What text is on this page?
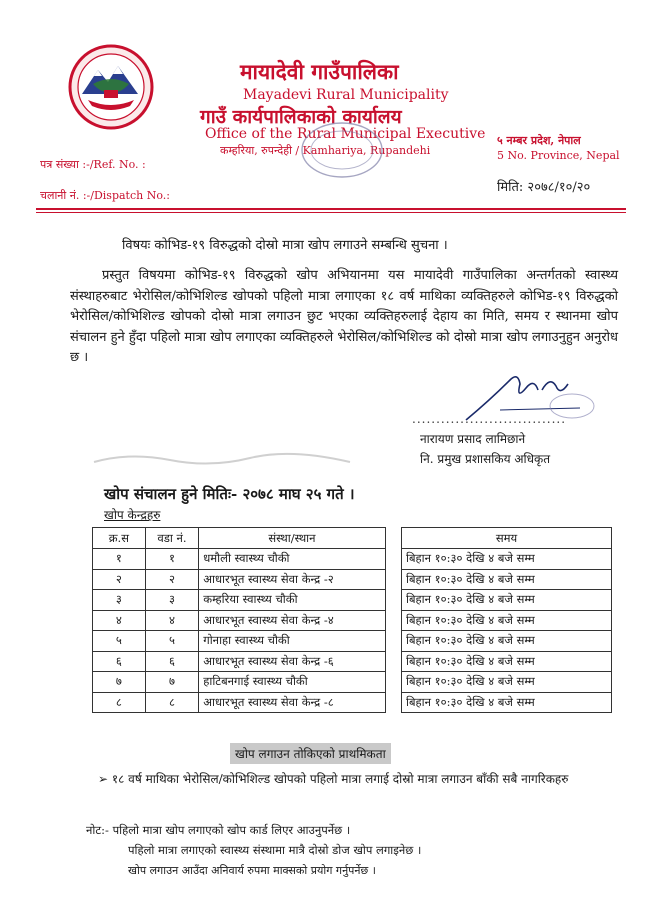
मायादेवी गाउँपालिका
Mayadevi Rural Municipality
गाउँ कार्यपालिकाको कार्यालय
Office of the Rural Municipal Executive
कम्हरिया, रुपन्देही / Kamhariya, Rupandehi
५ नम्बर प्रदेश, नेपाल
5 No. Province, Nepal
पत्र संख्या :-/Ref. No. :
चलानी नं. :-/Dispatch No.:
मिति: २०७८/१०/२०
विषयः कोभिड-१९ विरुद्धको दोस्रो मात्रा खोप लगाउने सम्बन्धि सुचना ।
प्रस्तुत विषयमा कोभिड-१९ विरुद्धको खोप अभियानमा यस मायादेवी गाउँपालिका अन्तर्गतको स्वास्थ्य संस्थाहरुबाट भेरोसिल/कोभिशिल्ड खोपको पहिलो मात्रा लगाएका १८ वर्ष माथिका व्यक्तिहरुले कोभिड-१९ विरुद्धको भेरोसिल/कोभिशिल्ड खोपको दोस्रो मात्रा लगाउन छुट भएका व्यक्तिहरुलाई देहाय का मिति, समय र स्थानमा खोप संचालन हुने हुँदा पहिलो मात्रा खोप लगाएका व्यक्तिहरुले भेरोसिल/कोभिशिल्ड को दोस्रो मात्रा खोप लगाउनुहुन अनुरोध छ ।
................................
नारायण प्रसाद लामिछाने
नि. प्रमुख प्रशासकिय अधिकृत
खोप संचालन हुने मितिः- २०७८ माघ २५ गते ।
खोप केन्द्रहरु
क्र.स	वडा नं.	संस्था/स्थान		समय
१	१	धमौली स्वास्थ्य चौकी		बिहान १०:३० देखि ४ बजे सम्म
२	२	आधारभूत स्वास्थ्य सेवा केन्द्र -२		बिहान १०:३० देखि ४ बजे सम्म
३	३	कम्हरिया स्वास्थ्य चौकी		बिहान १०:३० देखि ४ बजे सम्म
४	४	आधारभूत स्वास्थ्य सेवा केन्द्र -४		बिहान १०:३० देखि ४ बजे सम्म
५	५	गोनाहा स्वास्थ्य चौकी		बिहान १०:३० देखि ४ बजे सम्म
६	६	आधारभूत स्वास्थ्य सेवा केन्द्र -६		बिहान १०:३० देखि ४ बजे सम्म
७	७	हाटिबनगाई स्वास्थ्य चौकी		बिहान १०:३० देखि ४ बजे सम्म
८	८	आधारभूत स्वास्थ्य सेवा केन्द्र -८		बिहान १०:३० देखि ४ बजे सम्म
खोप लगाउन तोकिएको प्राथमिकता
➢ १८ वर्ष माथिका भेरोसिल/कोभिशिल्ड खोपको पहिलो मात्रा लगाई दोस्रो मात्रा लगाउन बाँकी सबै नागरिकहरु
नोट:- पहिलो मात्रा खोप लगाएको खोप कार्ड लिएर आउनुपर्नेछ ।
पहिलो मात्रा लगाएको स्वास्थ्य संस्थामा मात्रै दोस्रो डोज खोप लगाइनेछ ।
खोप लगाउन आउँदा अनिवार्य रुपमा माक्सको प्रयोग गर्नुपर्नेछ ।
